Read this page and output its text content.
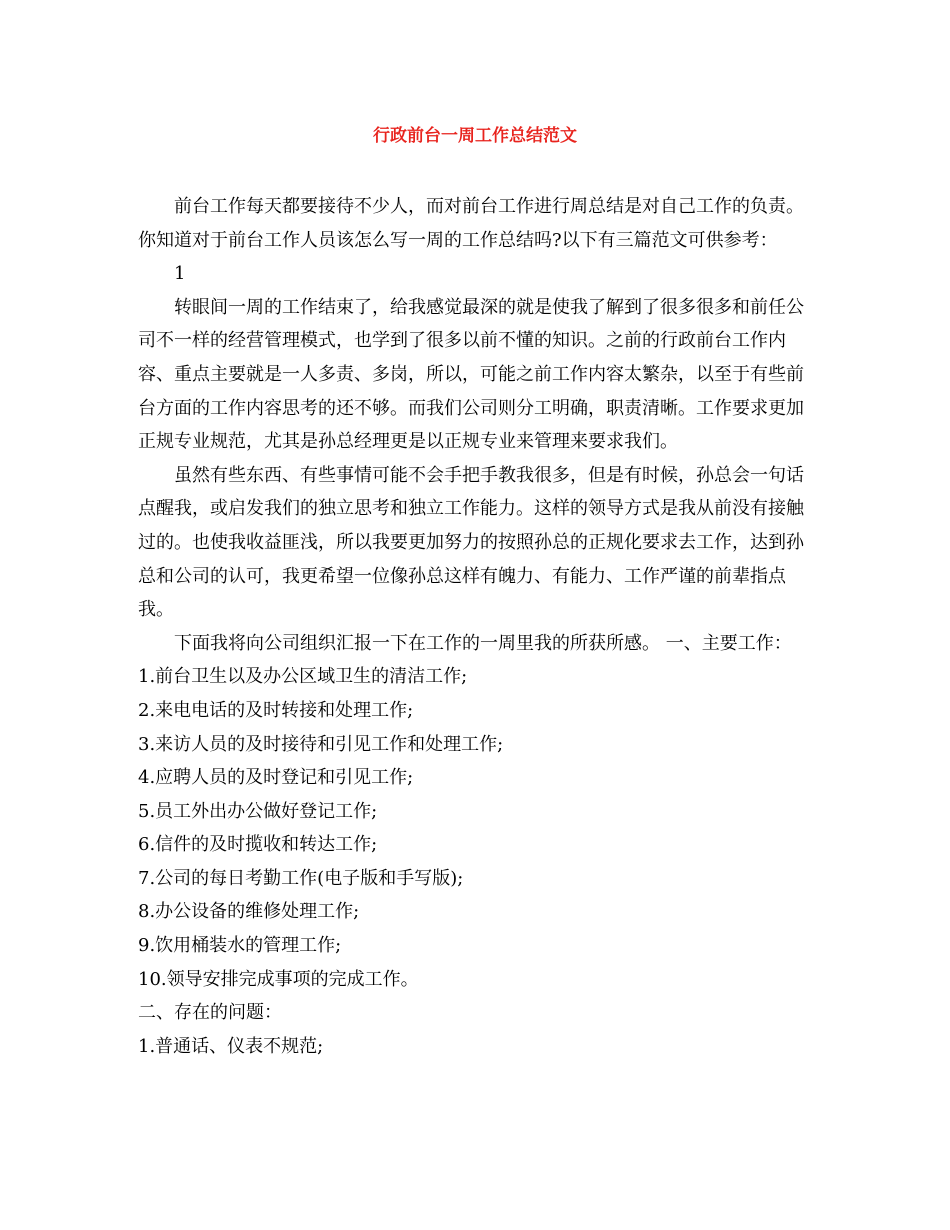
行政前台一周工作总结范文

前台工作每天都要接待不少人，而对前台工作进行周总结是对自己工作的负责。你知道对于前台工作人员该怎么写一周的工作总结吗?以下有三篇范文可供参考：

1

转眼间一周的工作结束了，给我感觉最深的就是使我了解到了很多很多和前任公司不一样的经营管理模式，也学到了很多以前不懂的知识。之前的行政前台工作内容、重点主要就是一人多责、多岗，所以，可能之前工作内容太繁杂，以至于有些前台方面的工作内容思考的还不够。而我们公司则分工明确，职责清晰。工作要求更加正规专业规范，尤其是孙总经理更是以正规专业来管理来要求我们。

虽然有些东西、有些事情可能不会手把手教我很多，但是有时候，孙总会一句话点醒我，或启发我们的独立思考和独立工作能力。这样的领导方式是我从前没有接触过的。也使我收益匪浅，所以我要更加努力的按照孙总的正规化要求去工作，达到孙总和公司的认可，我更希望一位像孙总这样有魄力、有能力、工作严谨的前辈指点我。

下面我将向公司组织汇报一下在工作的一周里我的所获所感。 一、主要工作：

1.前台卫生以及办公区域卫生的清洁工作;

2.来电电话的及时转接和处理工作;

3.来访人员的及时接待和引见工作和处理工作;

4.应聘人员的及时登记和引见工作;

5.员工外出办公做好登记工作;

6.信件的及时揽收和转达工作;

7.公司的每日考勤工作(电子版和手写版);

8.办公设备的维修处理工作;

9.饮用桶装水的管理工作;

10.领导安排完成事项的完成工作。

二、存在的问题：

1.普通话、仪表不规范;
